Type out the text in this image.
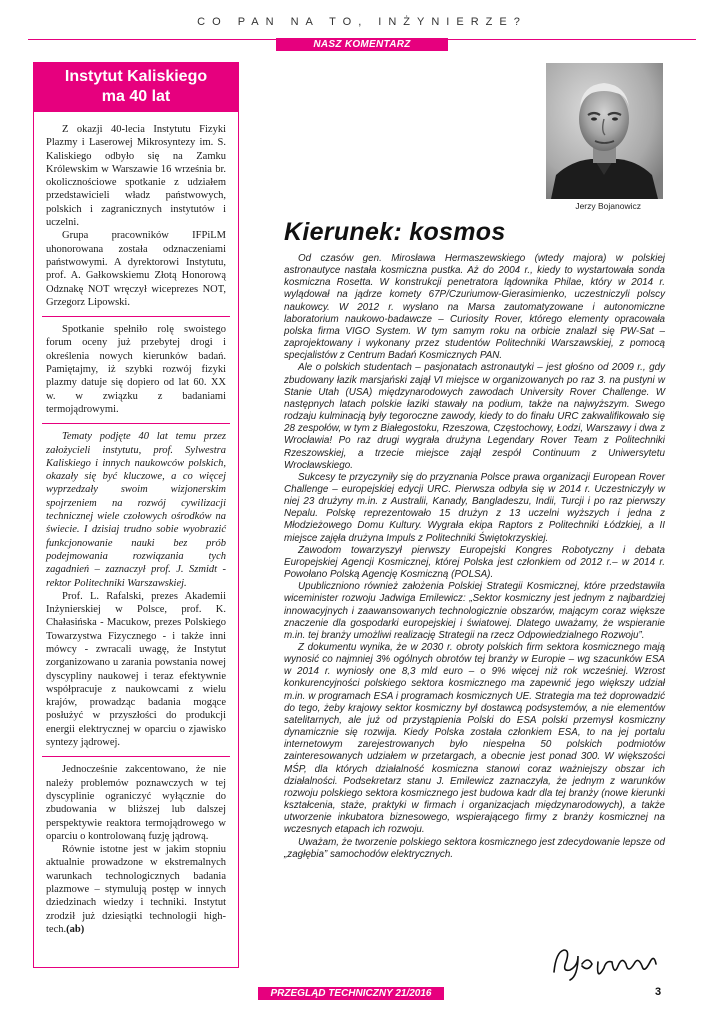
CO PAN NA TO, INŻYNIERZE?
NASZ KOMENTARZ
Instytut Kaliskiego
ma 40 lat

Z okazji 40-lecia Instytutu Fizyki Plazmy i Laserowej Mikrosyntezy im. S. Kaliskiego odbyło się na Zamku Królewskim w Warszawie 16 września br. okolicznościowe spotkanie z udziałem przedstawicieli władz państwowych, polskich i zagranicznych instytutów i uczelni.

Grupa pracowników IFPiLM uhonorowana została odznaczeniami państwowymi. A dyrektorowi Instytutu, prof. A. Gałkowskiemu Złotą Honorową Odznakę NOT wręczył wiceprezes NOT, Grzegorz Lipowski.

Spotkanie spełniło rolę swoistego forum oceny już przebytej drogi i określenia nowych kierunków badań. Pamiętajmy, iż szybki rozwój fizyki plazmy datuje się dopiero od lat 60. XX w. w związku z badaniami termojądrowymi.

Tematy podjęte 40 lat temu przez założycieli instytutu, prof. Sylwestra Kaliskiego i innych naukowców polskich, okazały się być kluczowe, a co więcej wyprzedzały swoim wizjonerskim spojrzeniem na rozwój cywilizacji technicznej wiele czołowych ośrodków na świecie. I dzisiaj trudno sobie wyobrazić funkcjonowanie nauki bez prób podejmowania rozwiązania tych zagadnień – zaznaczył prof. J. Szmidt - rektor Politechniki Warszawskiej.

Prof. L. Rafalski, prezes Akademii Inżynierskiej w Polsce, prof. K. Chałasińska - Macukow, prezes Polskiego Towarzystwa Fizycznego - i także inni mówcy - zwracali uwagę, że Instytut zorganizowano u zarania powstania nowej dyscypliny naukowej i teraz efektywnie współpracuje z naukowcami z wielu krajów, prowadząc badania mogące posłużyć w przyszłości do produkcji energii elektrycznej w oparciu o zjawisko syntezy jądrowej.

Jednocześnie zakcentowano, że nie należy problemów poznawczych w tej dyscyplinie ograniczyć wyłącznie do zbudowania w bliższej lub dalszej perspektywie reaktora termojądrowego w oparciu o kontrolowaną fuzję jądrową.

Równie istotne jest w jakim stopniu aktualnie prowadzone w ekstremalnych warunkach technologicznych badania plazmowe – stymulują postęp w innych dziedzinach wiedzy i techniki. Instytut zrodził już dziesiątki technologii high-tech.(ab)

Jerzy Bojanowicz
Kierunek: kosmos

Od czasów gen. Mirosława Hermaszewskiego (wtedy majora) w polskiej astronautyce nastała kosmiczna pustka. Aż do 2004 r., kiedy to wystartowała sonda kosmiczna Rosetta. W konstrukcji penetratora lądownika Philae, który w 2014 r. wylądował na jądrze komety 67P/Czuriumow-Gierasimienko, uczestniczyli polscy naukowcy. W 2012 r. wysłano na Marsa zautomatyzowane i autonomiczne laboratorium naukowo-badawcze – Curiosity Rover, którego elementy opracowała polska firma VIGO System. W tym samym roku na orbicie znalazł się PW-Sat – zaprojektowany i wykonany przez studentów Politechniki Warszawskiej, z pomocą specjalistów z Centrum Badań Kosmicznych PAN.

Ale o polskich studentach – pasjonatach astronautyki – jest głośno od 2009 r., gdy zbudowany łazik marsjański zajął VI miejsce w organizowanych po raz 3. na pustyni w Stanie Utah (USA) międzynarodowych zawodach University Rover Challenge. W następnych latach polskie łaziki stawały na podium, także na najwyższym. Swego rodzaju kulminacją były tegoroczne zawody, kiedy to do finału URC zakwalifikowało się 28 zespołów, w tym z Białegostoku, Rzeszowa, Częstochowy, Łodzi, Warszawy i dwa z Wrocławia! Po raz drugi wygrała drużyna Legendary Rover Team z Politechniki Rzeszowskiej, a trzecie miejsce zajął zespół Continuum z Uniwersytetu Wrocławskiego.

Sukcesy te przyczyniły się do przyznania Polsce prawa organizacji European Rover Challenge – europejskiej edycji URC. Pierwsza odbyła się w 2014 r. Uczestniczyły w niej 23 drużyny m.in. z Australii, Kanady, Bangladeszu, Indii, Turcji i po raz pierwszy Nepalu. Polskę reprezentowało 15 drużyn z 13 uczelni wyższych i jedna z Młodzieżowego Domu Kultury. Wygrała ekipa Raptors z Politechniki Łódzkiej, a II miejsce zajęła drużyna Impuls z Politechniki Świętokrzyskiej.

Zawodom towarzyszył pierwszy Europejski Kongres Robotyczny i debata Europejskiej Agencji Kosmicznej, której Polska jest członkiem od 2012 r.– w 2014 r. Powołano Polską Agencję Kosmiczną (POLSA).

Upubliczniono również założenia Polskiej Strategii Kosmicznej, które przedstawiła wiceminister rozwoju Jadwiga Emilewicz: „Sektor kosmiczny jest jednym z najbardziej innowacyjnych i zaawansowanych technologicznie obszarów, mającym coraz większe znaczenie dla gospodarki europejskiej i światowej. Dlatego uważamy, że wspieranie m.in. tej branży umożliwi realizację Strategii na rzecz Odpowiedzialnego Rozwoju”.

Z dokumentu wynika, że w 2030 r. obroty polskich firm sektora kosmicznego mają wynosić co najmniej 3% ogólnych obrotów tej branży w Europie – wg szacunków ESA w 2014 r. wyniosły one 8,3 mld euro – o 9% więcej niż rok wcześniej. Wzrost konkurencyjności polskiego sektora kosmicznego ma zapewnić jego większy udział m.in. w programach ESA i programach kosmicznych UE. Strategia ma też doprowadzić do tego, żeby krajowy sektor kosmiczny był dostawcą podsystemów, a nie elementów satelitarnych, ale już od przystąpienia Polski do ESA polski przemysł kosmiczny dynamicznie się rozwija. Kiedy Polska została członkiem ESA, to na jej portalu internetowym zarejestrowanych było niespełna 50 polskich podmiotów zainteresowanych udziałem w przetargach, a obecnie jest ponad 300. W większości MŚP, dla których działalność kosmiczna stanowi coraz ważniejszy obszar ich działalności. Podsekretarz stanu J. Emilewicz zaznaczyła, że jednym z warunków rozwoju polskiego sektora kosmicznego jest budowa kadr dla tej branży (nowe kierunki kształcenia, staże, praktyki w firmach i organizacjach międzynarodowych), a także utworzenie inkubatora biznesowego, wspierającego firmy z branży kosmicznej na wczesnych etapach ich rozwoju.

Uważam, że tworzenie polskiego sektora kosmicznego jest zdecydowanie lepsze od „zagłębia” samochodów elektrycznych.

PRZEGLĄD TECHNICZNY 21/2016	3
